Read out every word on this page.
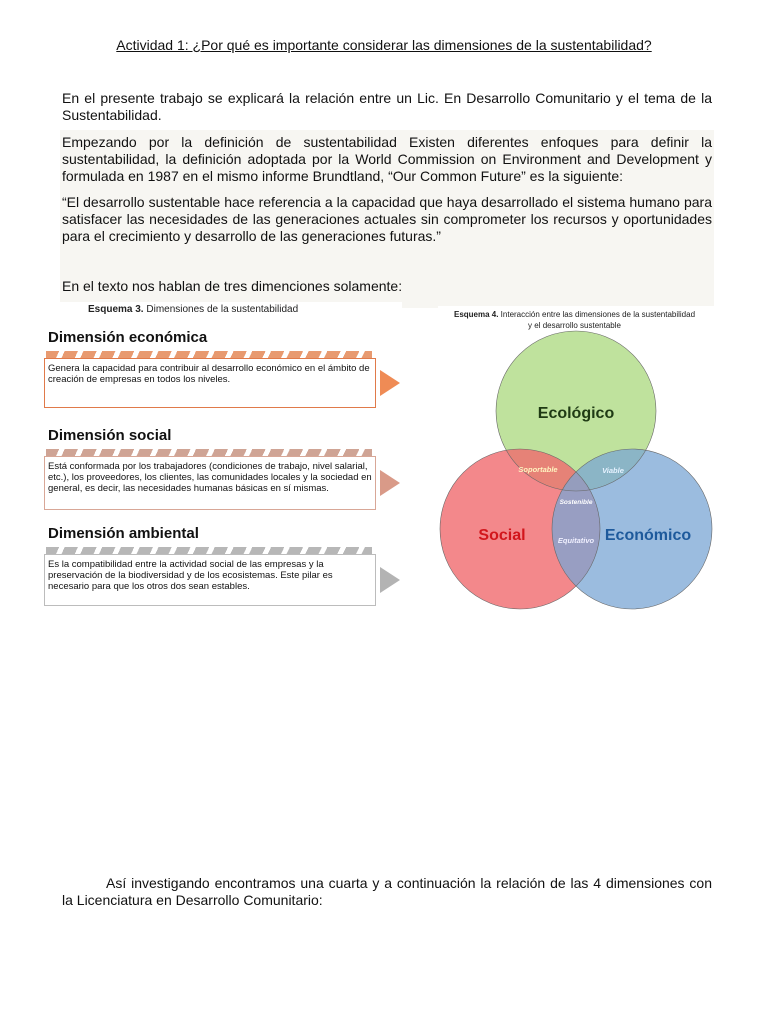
Actividad 1: ¿Por qué es importante considerar las dimensiones de la sustentabilidad?
En el presente trabajo se explicará la relación entre un Lic. En Desarrollo Comunitario y el tema de la Sustentabilidad.
Empezando por la definición de sustentabilidad Existen diferentes enfoques para definir la sustentabilidad, la definición adoptada por la World Commission on Environment and Development y formulada en 1987 en el mismo informe Brundtland, “Our Common Future” es la siguiente:
“El desarrollo sustentable hace referencia a la capacidad que haya desarrollado el sistema humano para satisfacer las necesidades de las generaciones actuales sin comprometer los recursos y oportunidades para el crecimiento y desarrollo de las generaciones futuras.”
En el texto nos hablan de tres dimenciones solamente:
Esquema 3. Dimensiones de la sustentabilidad
Dimensión económica
Genera la capacidad para contribuir al desarrollo económico en el ámbito de creación de empresas en todos los niveles.
Dimensión social
Está conformada por los trabajadores (condiciones de trabajo, nivel salarial, etc.), los proveedores, los clientes, las comunidades locales y la sociedad en general, es decir, las necesidades humanas básicas en sí mismas.
Dimensión ambiental
Es la compatibilidad entre la actividad social de las empresas y la preservación de la biodiversidad y de los ecosistemas. Este pilar es necesario para que los otros dos sean estables.
Esquema 4. Interacción entre las dimensiones de la sustentabilidad y el desarrollo sustentable
Ecológico
Social	Económico
Soportable	Viable
Sostenible
Equitativo
Así investigando encontramos una cuarta y a continuación la relación de las 4 dimensiones con la Licenciatura en Desarrollo Comunitario:
